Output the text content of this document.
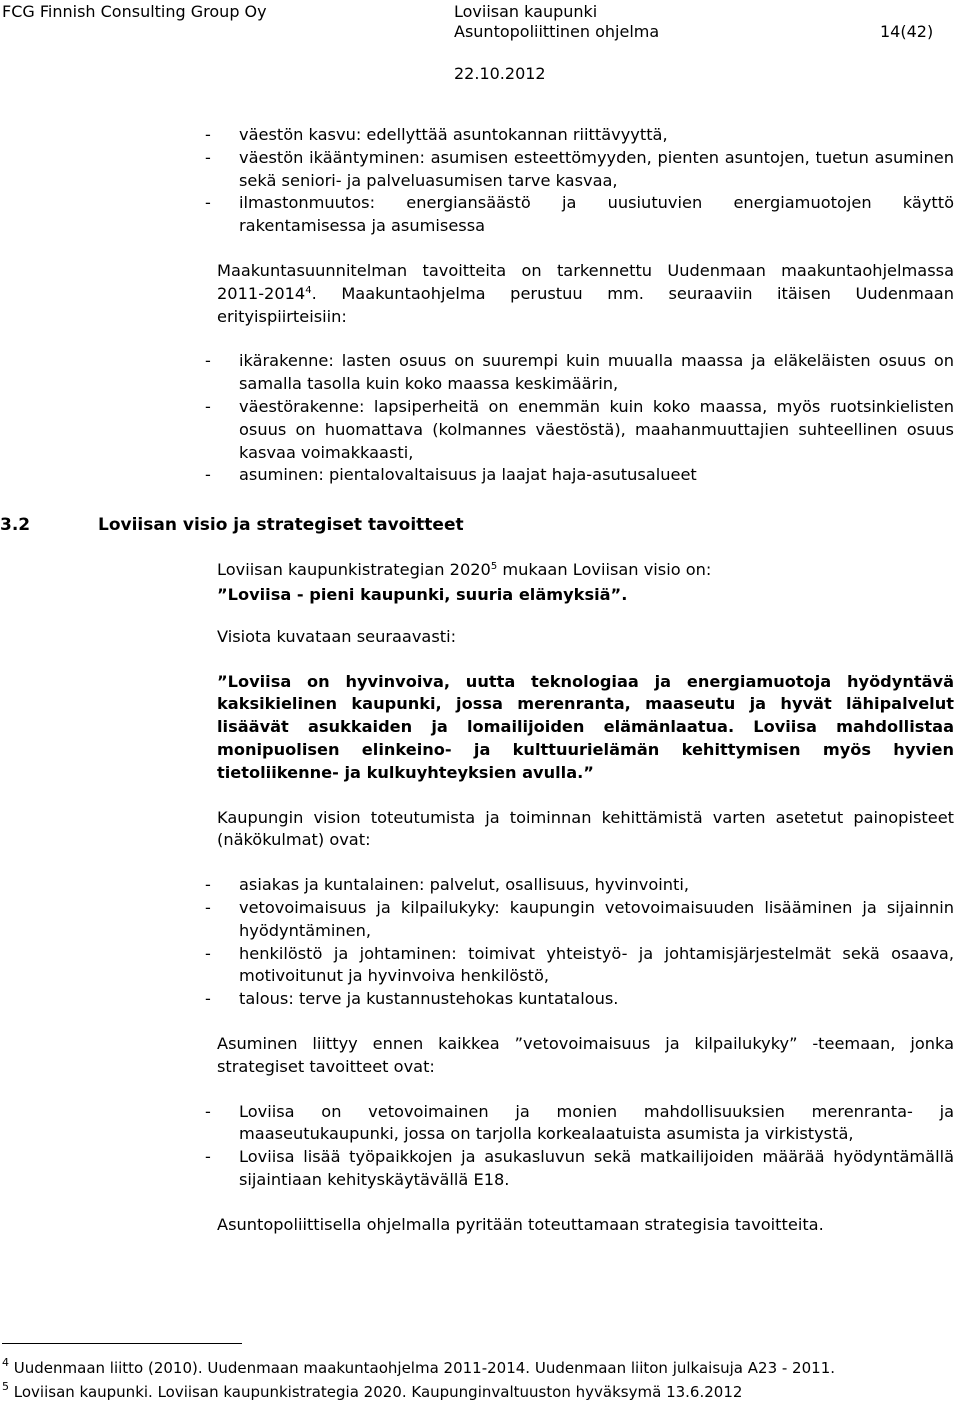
FCG Finnish Consulting Group Oy	Loviisan kaupunki
Asuntopoliittinen ohjelma	14(42)
22.10.2012
- väestön kasvu: edellyttää asuntokannan riittävyyttä,
- väestön ikääntyminen: asumisen esteettömyyden, pienten asuntojen, tuetun asuminen sekä seniori- ja palveluasumisen tarve kasvaa,
- ilmastonmuutos: energiansäästö ja uusiutuvien energiamuotojen käyttö rakentamisessa ja asumisessa

Maakuntasuunnitelman tavoitteita on tarkennettu Uudenmaan maakuntaohjelmassa 2011-2014$^4$. Maakuntaohjelma perustuu mm. seuraaviin itäisen Uudenmaan erityispiirteisiin:

- ikärakenne: lasten osuus on suurempi kuin muualla maassa ja eläkeläisten osuus on samalla tasolla kuin koko maassa keskimäärin,
- väestörakenne: lapsiperheitä on enemmän kuin koko maassa, myös ruotsinkielisten osuus on huomattava (kolmannes väestöstä), maahanmuuttajien suhteellinen osuus kasvaa voimakkaasti,
- asuminen: pientalovaltaisuus ja laajat haja-asutusalueet
3.2	Loviisan visio ja strategiset tavoitteet

Loviisan kaupunkistrategian 2020$^5$ mukaan Loviisan visio on:

”Loviisa - pieni kaupunki, suuria elämyksiä”.

Visiota kuvataan seuraavasti:

”Loviisa on hyvinvoiva, uutta teknologiaa ja energiamuotoja hyödyntävä kaksikielinen kaupunki, jossa merenranta, maaseutu ja hyvät lähipalvelut lisäävät asukkaiden ja lomailijoiden elämänlaatua. Loviisa mahdollistaa monipuolisen elinkeino- ja kulttuurielämän kehittymisen myös hyvien tietoliikenne- ja kulkuyhteyksien avulla.”

Kaupungin vision toteutumista ja toiminnan kehittämistä varten asetetut painopisteet (näkökulmat) ovat:

- asiakas ja kuntalainen: palvelut, osallisuus, hyvinvointi,
- vetovoimaisuus ja kilpailukyky: kaupungin vetovoimaisuuden lisääminen ja sijainnin hyödyntäminen,
- henkilöstö ja johtaminen: toimivat yhteistyö- ja johtamisjärjestelmät sekä osaava, motivoitunut ja hyvinvoiva henkilöstö,
- talous: terve ja kustannustehokas kuntatalous.

Asuminen liittyy ennen kaikkea ”vetovoimaisuus ja kilpailukyky” -teemaan, jonka strategiset tavoitteet ovat:

- Loviisa on vetovoimainen ja monien mahdollisuuksien merenranta- ja maaseutukaupunki, jossa on tarjolla korkealaatuista asumista ja virkistystä,
- Loviisa lisää työpaikkojen ja asukasluvun sekä matkailijoiden määrää hyödyntämällä sijaintiaan kehityskäytävällä E18.

Asuntopoliittisella ohjelmalla pyritään toteuttamaan strategisia tavoitteita.

$^4$ Uudenmaan liitto (2010). Uudenmaan maakuntaohjelma 2011-2014. Uudenmaan liiton julkaisuja A23 - 2011.
$^5$ Loviisan kaupunki. Loviisan kaupunkistrategia 2020. Kaupunginvaltuuston hyväksymä 13.6.2012
